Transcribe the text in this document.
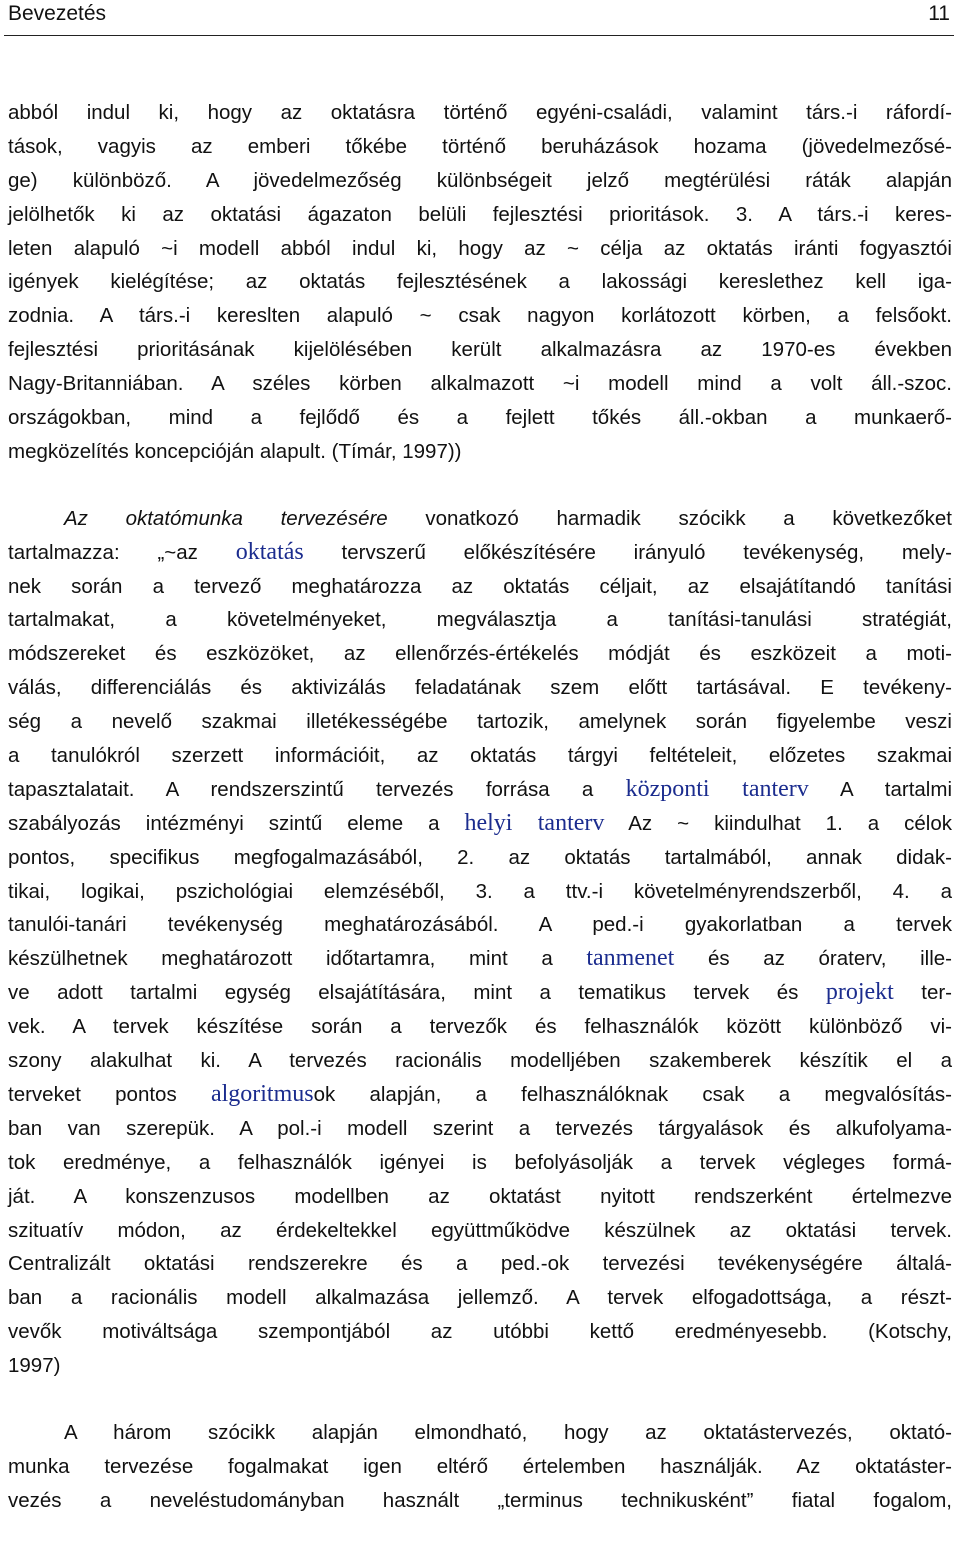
Bevezetés	11
abból indul ki, hogy az oktatásra történő egyéni-családi, valamint társ.-i ráfordí-
tások, vagyis az emberi tőkébe történő beruházások hozama (jövedelmezősé-
ge) különböző. A jövedelmezőség különbségeit jelző megtérülési ráták alapján
jelölhetők ki az oktatási ágazaton belüli fejlesztési prioritások. 3. A társ.-i keres-
leten alapuló ~i modell abból indul ki, hogy az ~ célja az oktatás iránti fogyasztói
igények kielégítése; az oktatás fejlesztésének a lakossági kereslethez kell iga-
zodnia. A társ.-i kereslten alapuló ~ csak nagyon korlátozott körben, a felsőokt.
fejlesztési prioritásának kijelölésében került alkalmazásra az 1970-es években
Nagy-Britanniában. A széles körben alkalmazott ~i modell mind a volt áll.-szoc.
országokban, mind a fejlődő és a fejlett tőkés áll.-okban a munkaerő-
megközelítés koncepcióján alapult. (Tímár, 1997))
Az oktatómunka tervezésére vonatkozó harmadik szócikk a következőket
tartalmazza: „~az oktatás tervszerű előkészítésére irányuló tevékenység, mely-
nek során a tervező meghatározza az oktatás céljait, az elsajátítandó tanítási
tartalmakat, a követelményeket, megválasztja a tanítási-tanulási stratégiát,
módszereket és eszközöket, az ellenőrzés-értékelés módját és eszközeit a moti-
válás, differenciálás és aktivizálás feladatának szem előtt tartásával. E tevékeny-
ség a nevelő szakmai illetékességébe tartozik, amelynek során figyelembe veszi
a tanulókról szerzett információit, az oktatás tárgyi feltételeit, előzetes szakmai
tapasztalatait. A rendszerszintű tervezés forrása a központi tanterv A tartalmi
szabályozás intézményi szintű eleme a helyi tanterv Az ~ kiindulhat 1. a célok
pontos, specifikus megfogalmazásából, 2. az oktatás tartalmából, annak didak-
tikai, logikai, pszichológiai elemzéséből, 3. a ttv.-i követelményrendszerből, 4. a
tanulói-tanári tevékenység meghatározásából. A ped.-i gyakorlatban a tervek
készülhetnek meghatározott időtartamra, mint a tanmenet és az óraterv, ille-
ve adott tartalmi egység elsajátítására, mint a tematikus tervek és projekt ter-
vek. A tervek készítése során a tervezők és felhasználók között különböző vi-
szony alakulhat ki. A tervezés racionális modelljében szakemberek készítik el a
terveket pontos algoritmusok alapján, a felhasználóknak csak a megvalósítás-
ban van szerepük. A pol.-i modell szerint a tervezés tárgyalások és alkufolyama-
tok eredménye, a felhasználók igényei is befolyásolják a tervek végleges formá-
ját. A konszenzusos modellben az oktatást nyitott rendszerként értelmezve
szituatív módon, az érdekeltekkel együttműködve készülnek az oktatási tervek.
Centralizált oktatási rendszerekre és a ped.-ok tervezési tevékenységére általá-
ban a racionális modell alkalmazása jellemző. A tervek elfogadottsága, a részt-
vevők motiváltsága szempontjából az utóbbi kettő eredményesebb. (Kotschy,
1997)
A három szócikk alapján elmondható, hogy az oktatástervezés, oktató-
munka tervezése fogalmakat igen eltérő értelemben használják. Az oktatáster-
vezés a neveléstudományban használt „terminus technikusként” fiatal fogalom,
